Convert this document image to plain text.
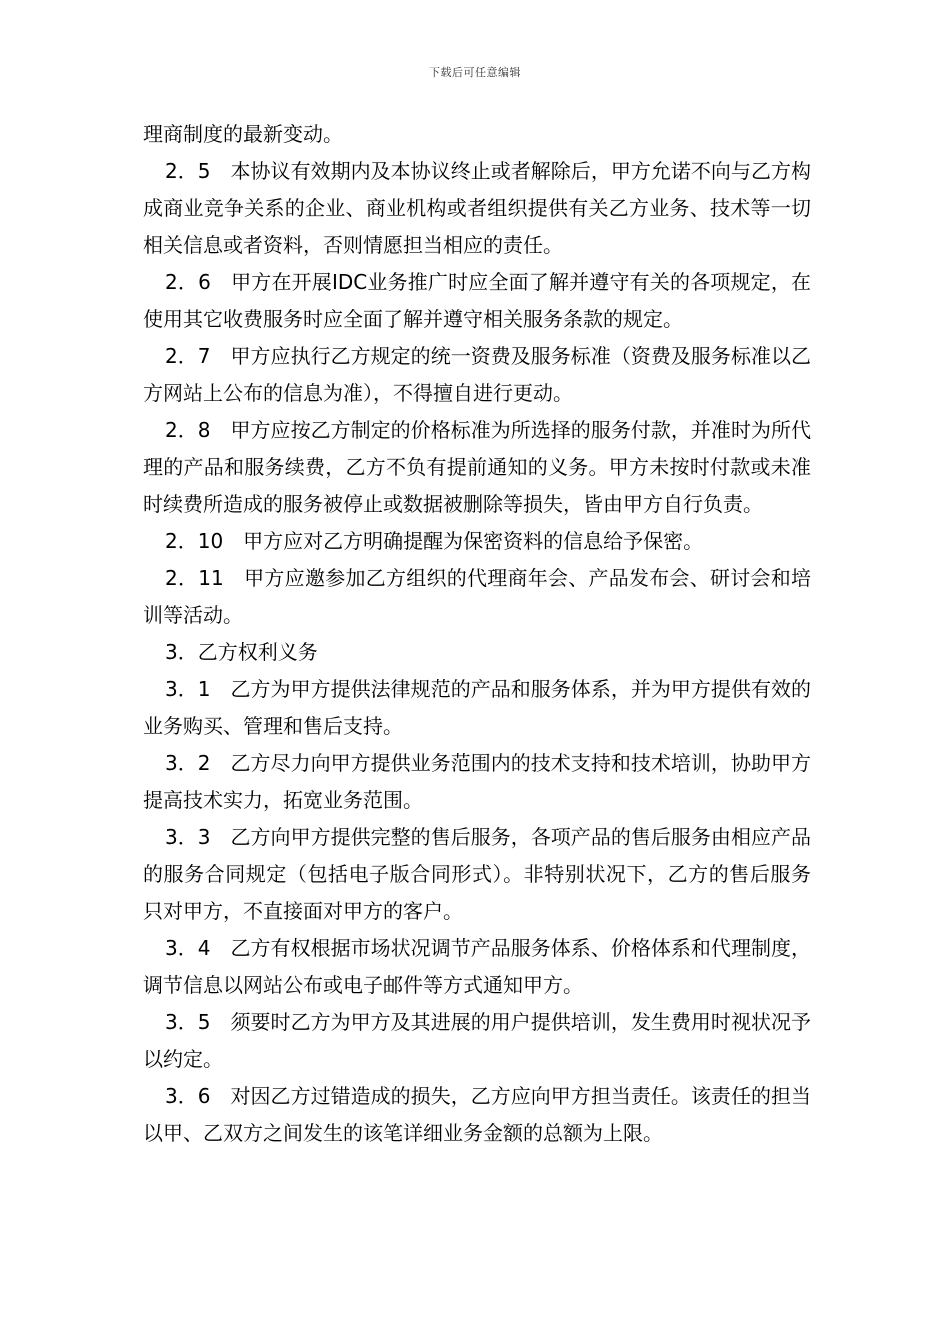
下载后可任意编辑

理商制度的最新变动。

2．5　本协议有效期内及本协议终止或者解除后，甲方允诺不向与乙方构成商业竞争关系的企业、商业机构或者组织提供有关乙方业务、技术等一切相关信息或者资料，否则情愿担当相应的责任。

2．6　甲方在开展IDC业务推广时应全面了解并遵守有关的各项规定，在使用其它收费服务时应全面了解并遵守相关服务条款的规定。

2．7　甲方应执行乙方规定的统一资费及服务标准（资费及服务标准以乙方网站上公布的信息为准），不得擅自进行更动。

2．8　甲方应按乙方制定的价格标准为所选择的服务付款，并准时为所代理的产品和服务续费，乙方不负有提前通知的义务。甲方未按时付款或未准时续费所造成的服务被停止或数据被删除等损失，皆由甲方自行负责。

2．10　甲方应对乙方明确提醒为保密资料的信息给予保密。

2．11　甲方应邀参加乙方组织的代理商年会、产品发布会、研讨会和培训等活动。

3．乙方权利义务

3．1　乙方为甲方提供法律规范的产品和服务体系，并为甲方提供有效的业务购买、管理和售后支持。

3．2　乙方尽力向甲方提供业务范围内的技术支持和技术培训，协助甲方提高技术实力，拓宽业务范围。

3．3　乙方向甲方提供完整的售后服务，各项产品的售后服务由相应产品的服务合同规定（包括电子版合同形式）。非特别状况下，乙方的售后服务只对甲方，不直接面对甲方的客户。

3．4　乙方有权根据市场状况调节产品服务体系、价格体系和代理制度，调节信息以网站公布或电子邮件等方式通知甲方。

3．5　须要时乙方为甲方及其进展的用户提供培训，发生费用时视状况予以约定。

3．6　对因乙方过错造成的损失，乙方应向甲方担当责任。该责任的担当以甲、乙双方之间发生的该笔详细业务金额的总额为上限。
